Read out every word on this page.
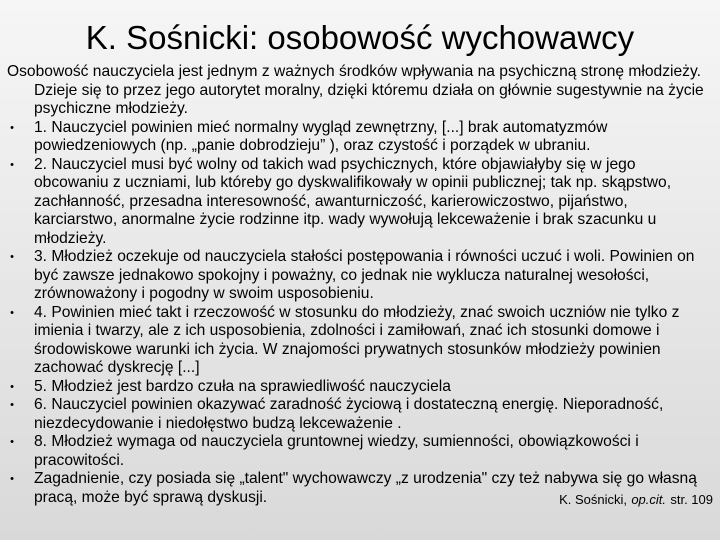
K. Sośnicki: osobowość wychowawcy

Osobowość nauczyciela jest jednym z ważnych środków wpływania na psychiczną stronę młodzieży. Dzieje się to przez jego autorytet moralny, dzięki któremu działa on głównie sugestywnie na życie psychiczne młodzieży.

• 1. Nauczyciel powinien mieć normalny wygląd zewnętrzny, [...] brak automatyzmów powiedzeniowych (np. „panie dobrodzieju” ), oraz czystość i porządek w ubraniu.
• 2. Nauczyciel musi być wolny od takich wad psychicznych, które objawiałyby się w jego obcowaniu z uczniami, lub któreby go dyskwalifikowały w opinii publicznej; tak np. skąpstwo, zachłanność, przesadna interesowność, awanturniczość, karierowiczostwo, pijaństwo, karciarstwo, anormalne życie rodzinne itp. wady wywołują lekceważenie i brak szacunku u młodzieży.
• 3. Młodzież oczekuje od nauczyciela stałości postępowania i równości uczuć i woli. Powinien on być zawsze jednakowo spokojny i poważny, co jednak nie wyklucza naturalnej wesołości, zrównoważony i pogodny w swoim usposobieniu.
• 4. Powinien mieć takt i rzeczowość w stosunku do młodzieży, znać swoich uczniów nie tylko z imienia i twarzy, ale z ich usposobienia, zdolności i zamiłowań, znać ich stosunki domowe i środowiskowe warunki ich życia. W znajomości prywatnych stosunków młodzieży powinien zachować dyskrecję [...]
• 5. Młodzież jest bardzo czuła na sprawiedliwość nauczyciela
• 6. Nauczyciel powinien okazywać zaradność życiową i dostateczną energię. Nieporadność, niezdecydowanie i niedołęstwo budzą lekceważenie .
• 8. Młodzież wymaga od nauczyciela gruntownej wiedzy, sumienności, obowiązkowości i pracowitości.
• Zagadnienie, czy posiada się „talent" wychowawczy „z urodzenia" czy też nabywa się go własną pracą, może być sprawą dyskusji.	K. Sośnicki, op.cit. str. 109
